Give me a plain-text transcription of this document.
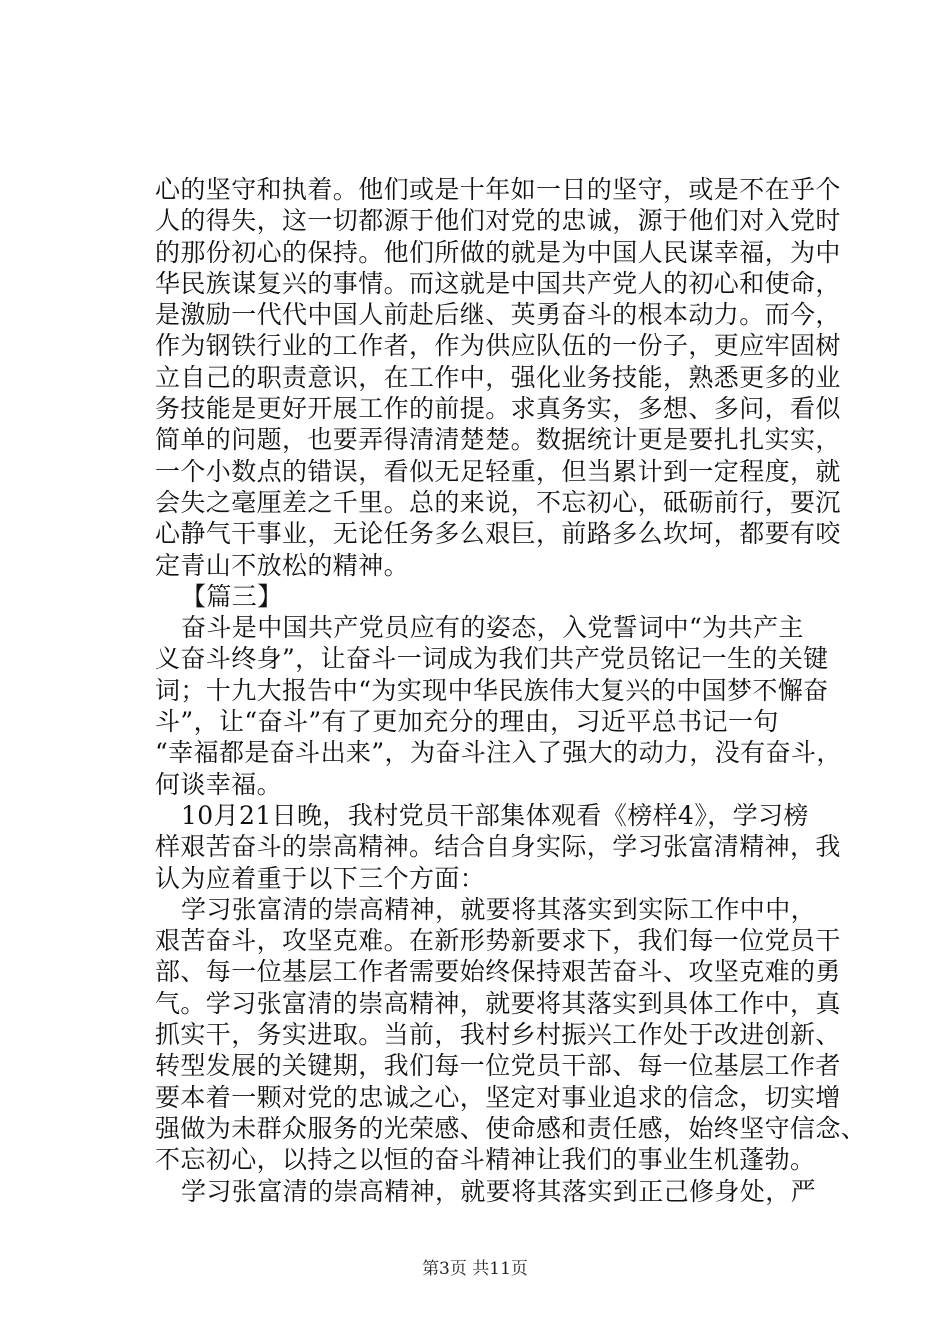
心的坚守和执着。他们或是十年如一日的坚守，或是不在乎个
人的得失，这一切都源于他们对党的忠诚，源于他们对入党时
的那份初心的保持。他们所做的就是为中国人民谋幸福，为中
华民族谋复兴的事情。而这就是中国共产党人的初心和使命，
是激励一代代中国人前赴后继、英勇奋斗的根本动力。而今，
作为钢铁行业的工作者，作为供应队伍的一份子，更应牢固树
立自己的职责意识，在工作中，强化业务技能，熟悉更多的业
务技能是更好开展工作的前提。求真务实，多想、多问，看似
简单的问题，也要弄得清清楚楚。数据统计更是要扎扎实实，
一个小数点的错误，看似无足轻重，但当累计到一定程度，就
会失之毫厘差之千里。总的来说，不忘初心，砥砺前行，要沉
心静气干事业，无论任务多么艰巨，前路多么坎坷，都要有咬
定青山不放松的精神。
【篇三】
奋斗是中国共产党员应有的姿态，入党誓词中“为共产主
义奋斗终身”，让奋斗一词成为我们共产党员铭记一生的关键
词；十九大报告中“为实现中华民族伟大复兴的中国梦不懈奋
斗”，让“奋斗”有了更加充分的理由，习近平总书记一句
“幸福都是奋斗出来”，为奋斗注入了强大的动力，没有奋斗，
何谈幸福。
10月21日晚，我村党员干部集体观看《榜样4》，学习榜
样艰苦奋斗的崇高精神。结合自身实际，学习张富清精神，我
认为应着重于以下三个方面：
学习张富清的崇高精神，就要将其落实到实际工作中中，
艰苦奋斗，攻坚克难。在新形势新要求下，我们每一位党员干
部、每一位基层工作者需要始终保持艰苦奋斗、攻坚克难的勇
气。学习张富清的崇高精神，就要将其落实到具体工作中，真
抓实干，务实进取。当前，我村乡村振兴工作处于改进创新、
转型发展的关键期，我们每一位党员干部、每一位基层工作者
要本着一颗对党的忠诚之心，坚定对事业追求的信念，切实增
强做为未群众服务的光荣感、使命感和责任感，始终坚守信念、
不忘初心，以持之以恒的奋斗精神让我们的事业生机蓬勃。
学习张富清的崇高精神，就要将其落实到正己修身处，严
第3页 共11页
